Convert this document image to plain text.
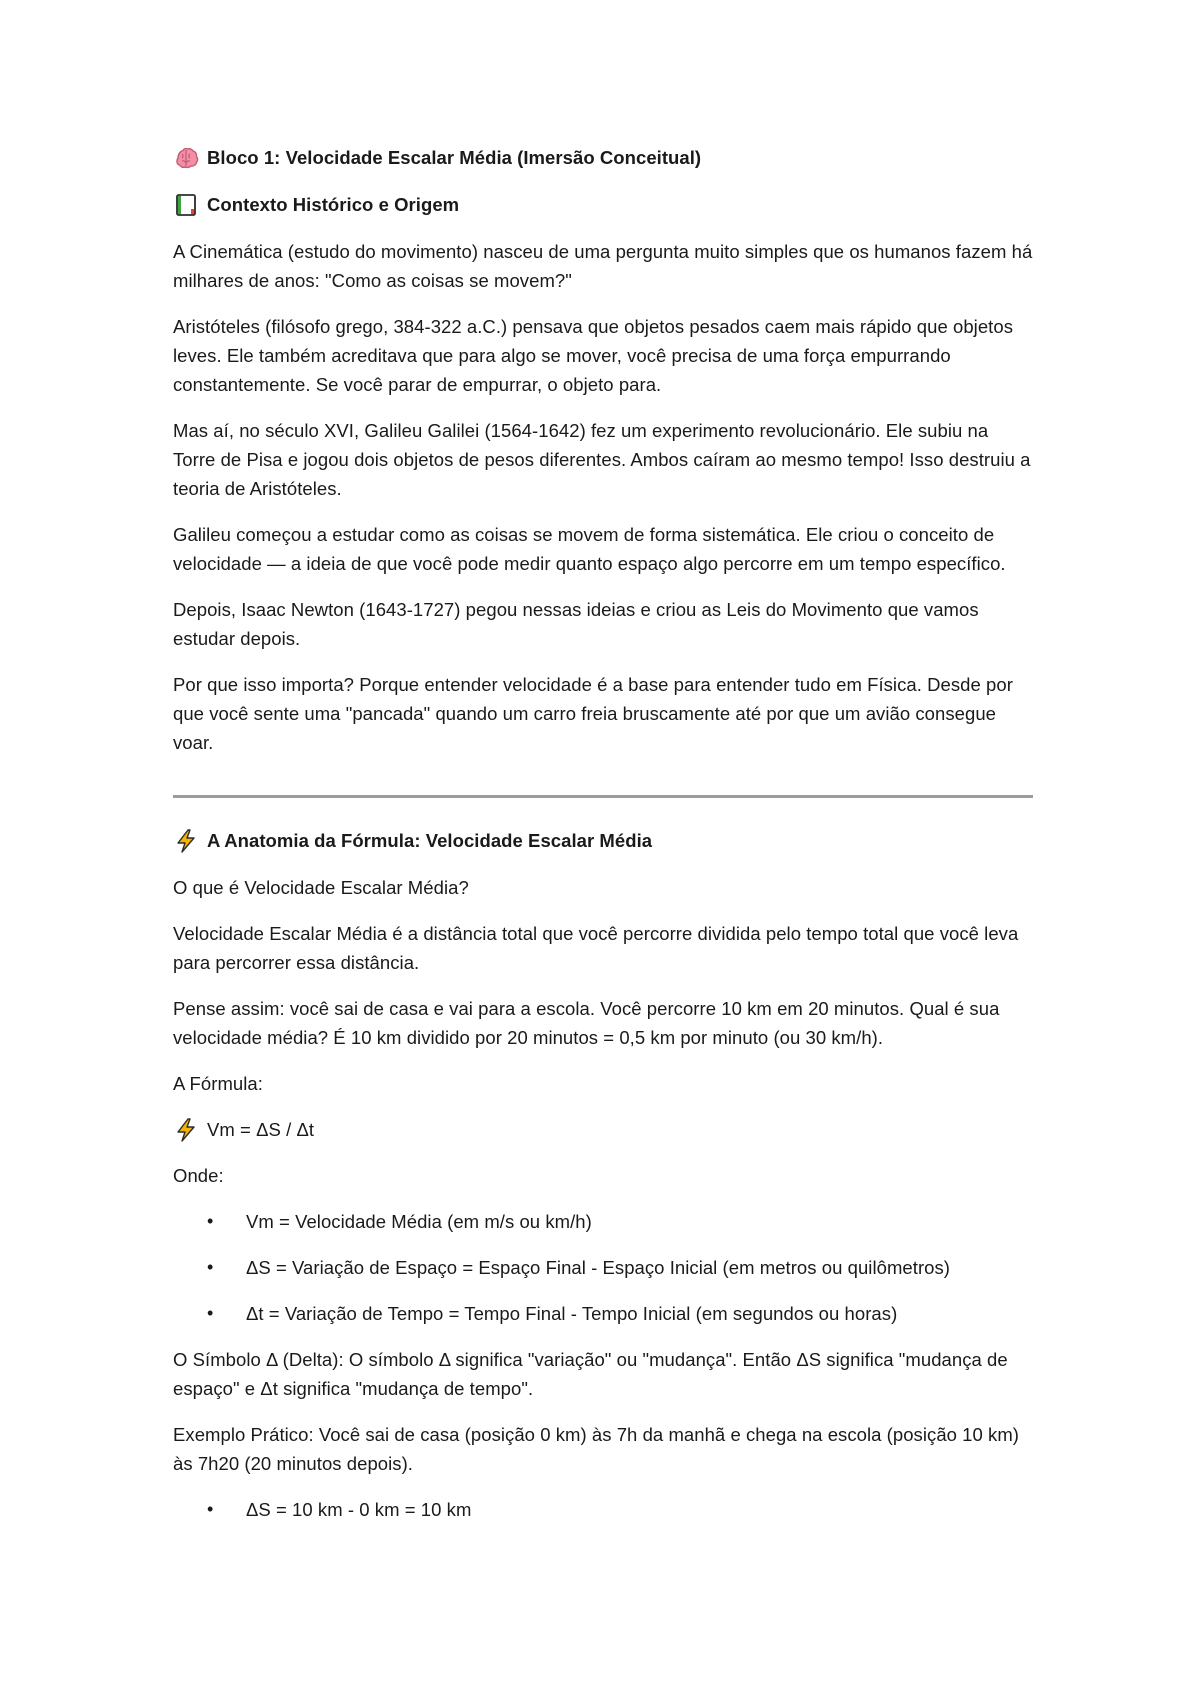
Bloco 1: Velocidade Escalar Média (Imersão Conceitual)
Contexto Histórico e Origem

A Cinemática (estudo do movimento) nasceu de uma pergunta muito simples que os humanos fazem há milhares de anos: "Como as coisas se movem?"

Aristóteles (filósofo grego, 384-322 a.C.) pensava que objetos pesados caem mais rápido que objetos leves. Ele também acreditava que para algo se mover, você precisa de uma força empurrando constantemente. Se você parar de empurrar, o objeto para.

Mas aí, no século XVI, Galileu Galilei (1564-1642) fez um experimento revolucionário. Ele subiu na Torre de Pisa e jogou dois objetos de pesos diferentes. Ambos caíram ao mesmo tempo! Isso destruiu a teoria de Aristóteles.

Galileu começou a estudar como as coisas se movem de forma sistemática. Ele criou o conceito de velocidade — a ideia de que você pode medir quanto espaço algo percorre em um tempo específico.

Depois, Isaac Newton (1643-1727) pegou nessas ideias e criou as Leis do Movimento que vamos estudar depois.

Por que isso importa? Porque entender velocidade é a base para entender tudo em Física. Desde por que você sente uma "pancada" quando um carro freia bruscamente até por que um avião consegue voar.

A Anatomia da Fórmula: Velocidade Escalar Média

O que é Velocidade Escalar Média?

Velocidade Escalar Média é a distância total que você percorre dividida pelo tempo total que você leva para percorrer essa distância.

Pense assim: você sai de casa e vai para a escola. Você percorre 10 km em 20 minutos. Qual é sua velocidade média? É 10 km dividido por 20 minutos = 0,5 km por minuto (ou 30 km/h).

A Fórmula:

Vm = ΔS / Δt

Onde:

• Vm = Velocidade Média (em m/s ou km/h)
• ΔS = Variação de Espaço = Espaço Final - Espaço Inicial (em metros ou quilômetros)
• Δt = Variação de Tempo = Tempo Final - Tempo Inicial (em segundos ou horas)

O Símbolo Δ (Delta): O símbolo Δ significa "variação" ou "mudança". Então ΔS significa "mudança de espaço" e Δt significa "mudança de tempo".

Exemplo Prático: Você sai de casa (posição 0 km) às 7h da manhã e chega na escola (posição 10 km) às 7h20 (20 minutos depois).

• ΔS = 10 km - 0 km = 10 km
